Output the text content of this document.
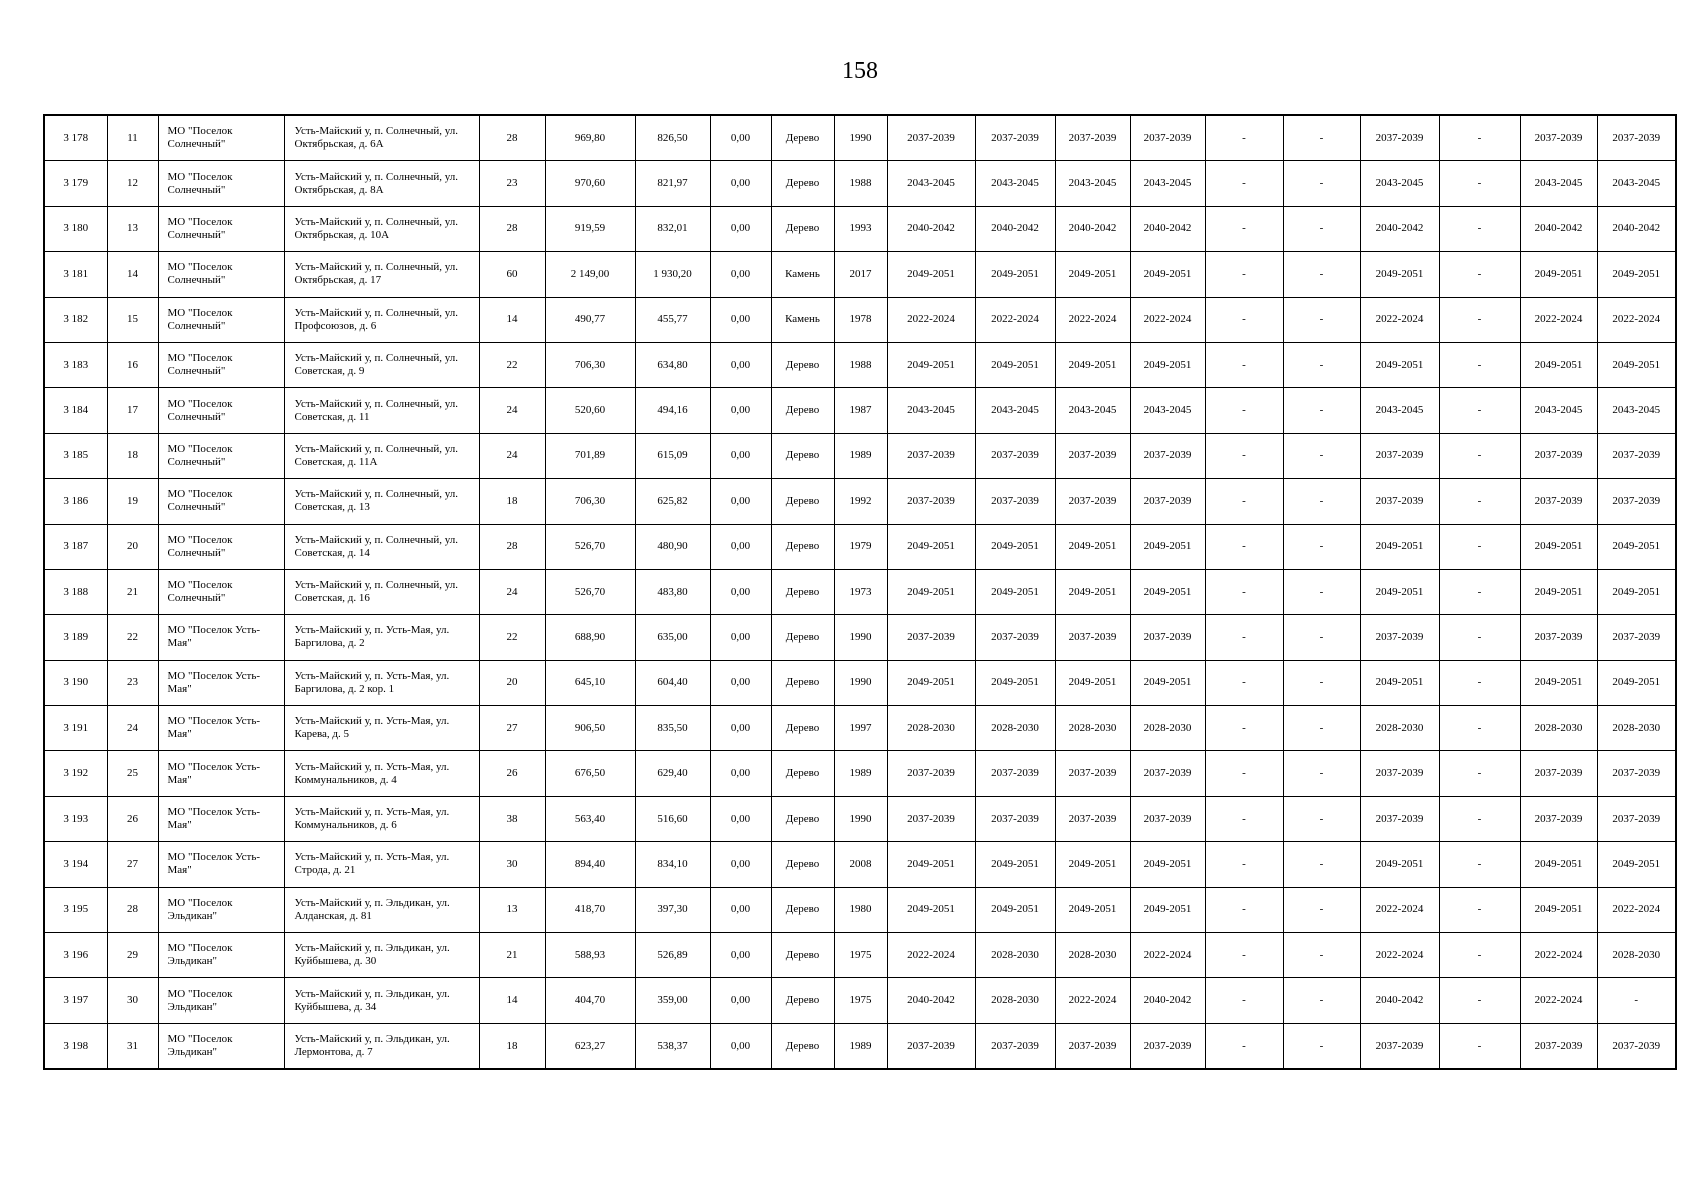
158
3 178	11	МО "Поселок Солнечный"	Усть-Майский у, п. Солнечный, ул. Октябрьская, д. 6А	28	969,80	826,50	0,00	Дерево	1990	2037-2039	2037-2039	2037-2039	2037-2039	-	-	2037-2039	-	2037-2039	2037-2039
3 179	12	МО "Поселок Солнечный"	Усть-Майский у, п. Солнечный, ул. Октябрьская, д. 8А	23	970,60	821,97	0,00	Дерево	1988	2043-2045	2043-2045	2043-2045	2043-2045	-	-	2043-2045	-	2043-2045	2043-2045
3 180	13	МО "Поселок Солнечный"	Усть-Майский у, п. Солнечный, ул. Октябрьская, д. 10А	28	919,59	832,01	0,00	Дерево	1993	2040-2042	2040-2042	2040-2042	2040-2042	-	-	2040-2042	-	2040-2042	2040-2042
3 181	14	МО "Поселок Солнечный"	Усть-Майский у, п. Солнечный, ул. Октябрьская, д. 17	60	2 149,00	1 930,20	0,00	Камень	2017	2049-2051	2049-2051	2049-2051	2049-2051	-	-	2049-2051	-	2049-2051	2049-2051
3 182	15	МО "Поселок Солнечный"	Усть-Майский у, п. Солнечный, ул. Профсоюзов, д. 6	14	490,77	455,77	0,00	Камень	1978	2022-2024	2022-2024	2022-2024	2022-2024	-	-	2022-2024	-	2022-2024	2022-2024
3 183	16	МО "Поселок Солнечный"	Усть-Майский у, п. Солнечный, ул. Советская, д. 9	22	706,30	634,80	0,00	Дерево	1988	2049-2051	2049-2051	2049-2051	2049-2051	-	-	2049-2051	-	2049-2051	2049-2051
3 184	17	МО "Поселок Солнечный"	Усть-Майский у, п. Солнечный, ул. Советская, д. 11	24	520,60	494,16	0,00	Дерево	1987	2043-2045	2043-2045	2043-2045	2043-2045	-	-	2043-2045	-	2043-2045	2043-2045
3 185	18	МО "Поселок Солнечный"	Усть-Майский у, п. Солнечный, ул. Советская, д. 11А	24	701,89	615,09	0,00	Дерево	1989	2037-2039	2037-2039	2037-2039	2037-2039	-	-	2037-2039	-	2037-2039	2037-2039
3 186	19	МО "Поселок Солнечный"	Усть-Майский у, п. Солнечный, ул. Советская, д. 13	18	706,30	625,82	0,00	Дерево	1992	2037-2039	2037-2039	2037-2039	2037-2039	-	-	2037-2039	-	2037-2039	2037-2039
3 187	20	МО "Поселок Солнечный"	Усть-Майский у, п. Солнечный, ул. Советская, д. 14	28	526,70	480,90	0,00	Дерево	1979	2049-2051	2049-2051	2049-2051	2049-2051	-	-	2049-2051	-	2049-2051	2049-2051
3 188	21	МО "Поселок Солнечный"	Усть-Майский у, п. Солнечный, ул. Советская, д. 16	24	526,70	483,80	0,00	Дерево	1973	2049-2051	2049-2051	2049-2051	2049-2051	-	-	2049-2051	-	2049-2051	2049-2051
3 189	22	МО "Поселок Усть-Мая"	Усть-Майский у, п. Усть-Мая, ул. Баргилова, д. 2	22	688,90	635,00	0,00	Дерево	1990	2037-2039	2037-2039	2037-2039	2037-2039	-	-	2037-2039	-	2037-2039	2037-2039
3 190	23	МО "Поселок Усть-Мая"	Усть-Майский у, п. Усть-Мая, ул. Баргилова, д. 2 кор. 1	20	645,10	604,40	0,00	Дерево	1990	2049-2051	2049-2051	2049-2051	2049-2051	-	-	2049-2051	-	2049-2051	2049-2051
3 191	24	МО "Поселок Усть-Мая"	Усть-Майский у, п. Усть-Мая, ул. Карева, д. 5	27	906,50	835,50	0,00	Дерево	1997	2028-2030	2028-2030	2028-2030	2028-2030	-	-	2028-2030	-	2028-2030	2028-2030
3 192	25	МО "Поселок Усть-Мая"	Усть-Майский у, п. Усть-Мая, ул. Коммунальников, д. 4	26	676,50	629,40	0,00	Дерево	1989	2037-2039	2037-2039	2037-2039	2037-2039	-	-	2037-2039	-	2037-2039	2037-2039
3 193	26	МО "Поселок Усть-Мая"	Усть-Майский у, п. Усть-Мая, ул. Коммунальников, д. 6	38	563,40	516,60	0,00	Дерево	1990	2037-2039	2037-2039	2037-2039	2037-2039	-	-	2037-2039	-	2037-2039	2037-2039
3 194	27	МО "Поселок Усть-Мая"	Усть-Майский у, п. Усть-Мая, ул. Строда, д. 21	30	894,40	834,10	0,00	Дерево	2008	2049-2051	2049-2051	2049-2051	2049-2051	-	-	2049-2051	-	2049-2051	2049-2051
3 195	28	МО "Поселок Эльдикан"	Усть-Майский у, п. Эльдикан, ул. Алданская, д. 81	13	418,70	397,30	0,00	Дерево	1980	2049-2051	2049-2051	2049-2051	2049-2051	-	-	2022-2024	-	2049-2051	2022-2024
3 196	29	МО "Поселок Эльдикан"	Усть-Майский у, п. Эльдикан, ул. Куйбышева, д. 30	21	588,93	526,89	0,00	Дерево	1975	2022-2024	2028-2030	2028-2030	2022-2024	-	-	2022-2024	-	2022-2024	2028-2030
3 197	30	МО "Поселок Эльдикан"	Усть-Майский у, п. Эльдикан, ул. Куйбышева, д. 34	14	404,70	359,00	0,00	Дерево	1975	2040-2042	2028-2030	2022-2024	2040-2042	-	-	2040-2042	-	2022-2024	-
3 198	31	МО "Поселок Эльдикан"	Усть-Майский у, п. Эльдикан, ул. Лермонтова, д. 7	18	623,27	538,37	0,00	Дерево	1989	2037-2039	2037-2039	2037-2039	2037-2039	-	-	2037-2039	-	2037-2039	2037-2039
